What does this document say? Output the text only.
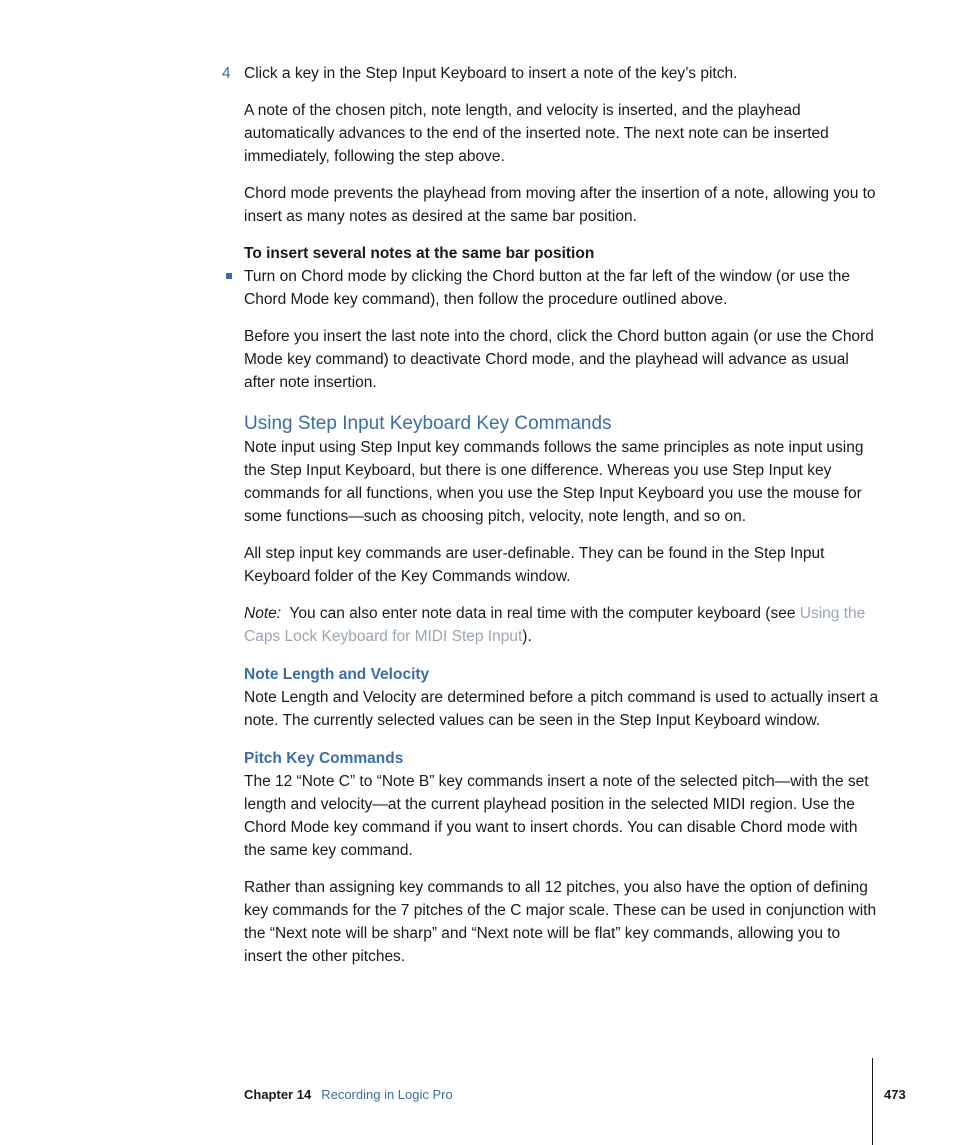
4 Click a key in the Step Input Keyboard to insert a note of the key’s pitch.

A note of the chosen pitch, note length, and velocity is inserted, and the playhead automatically advances to the end of the inserted note. The next note can be inserted immediately, following the step above.

Chord mode prevents the playhead from moving after the insertion of a note, allowing you to insert as many notes as desired at the same bar position.

To insert several notes at the same bar position

Turn on Chord mode by clicking the Chord button at the far left of the window (or use the Chord Mode key command), then follow the procedure outlined above.

Before you insert the last note into the chord, click the Chord button again (or use the Chord Mode key command) to deactivate Chord mode, and the playhead will advance as usual after note insertion.

Using Step Input Keyboard Key Commands

Note input using Step Input key commands follows the same principles as note input using the Step Input Keyboard, but there is one difference. Whereas you use Step Input key commands for all functions, when you use the Step Input Keyboard you use the mouse for some functions—such as choosing pitch, velocity, note length, and so on.

All step input key commands are user-definable. They can be found in the Step Input Keyboard folder of the Key Commands window.

Note: You can also enter note data in real time with the computer keyboard (see Using the Caps Lock Keyboard for MIDI Step Input).

Note Length and Velocity

Note Length and Velocity are determined before a pitch command is used to actually insert a note. The currently selected values can be seen in the Step Input Keyboard window.

Pitch Key Commands

The 12 “Note C” to “Note B” key commands insert a note of the selected pitch—with the set length and velocity—at the current playhead position in the selected MIDI region. Use the Chord Mode key command if you want to insert chords. You can disable Chord mode with the same key command.

Rather than assigning key commands to all 12 pitches, you also have the option of defining key commands for the 7 pitches of the C major scale. These can be used in conjunction with the “Next note will be sharp” and “Next note will be flat” key commands, allowing you to insert the other pitches.

Chapter 14 Recording in Logic Pro	473
